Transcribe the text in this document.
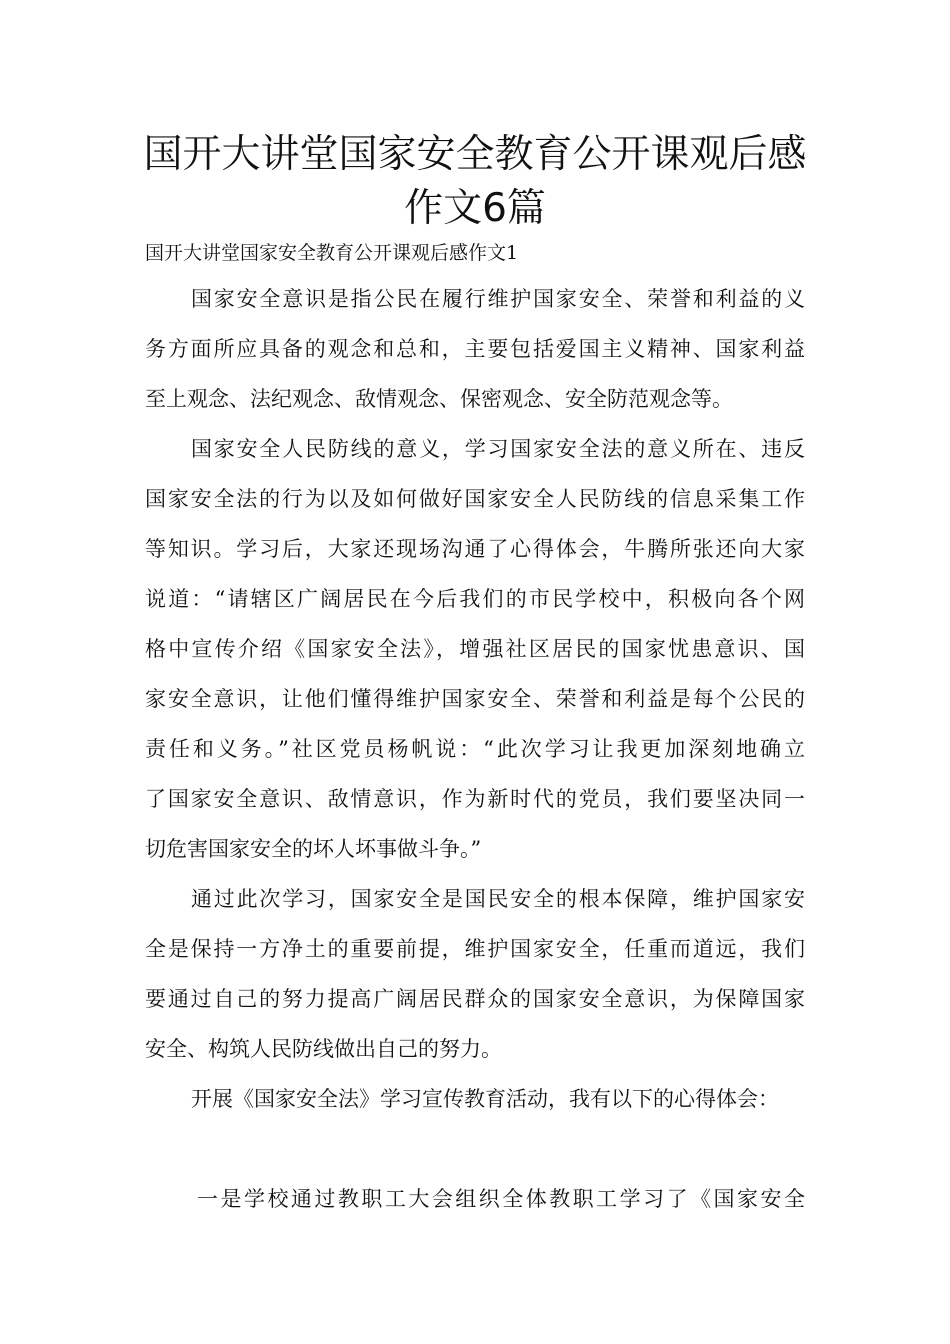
国开大讲堂国家安全教育公开课观后感
作文6篇
国开大讲堂国家安全教育公开课观后感作文1
国家安全意识是指公民在履行维护国家安全、荣誉和利益的义
务方面所应具备的观念和总和，主要包括爱国主义精神、国家利益
至上观念、法纪观念、敌情观念、保密观念、安全防范观念等。
国家安全人民防线的意义，学习国家安全法的意义所在、违反
国家安全法的行为以及如何做好国家安全人民防线的信息采集工作
等知识。学习后，大家还现场沟通了心得体会，牛腾所张还向大家
说道：“请辖区广阔居民在今后我们的市民学校中，积极向各个网
格中宣传介绍《国家安全法》，增强社区居民的国家忧患意识、国
家安全意识，让他们懂得维护国家安全、荣誉和利益是每个公民的
责任和义务。”社区党员杨帆说：“此次学习让我更加深刻地确立
了国家安全意识、敌情意识，作为新时代的党员，我们要坚决同一
切危害国家安全的坏人坏事做斗争。”
通过此次学习，国家安全是国民安全的根本保障，维护国家安
全是保持一方净土的重要前提，维护国家安全，任重而道远，我们
要通过自己的努力提高广阔居民群众的国家安全意识，为保障国家
安全、构筑人民防线做出自己的努力。
开展《国家安全法》学习宣传教育活动，我有以下的心得体会：
一是学校通过教职工大会组织全体教职工学习了《国家安全
